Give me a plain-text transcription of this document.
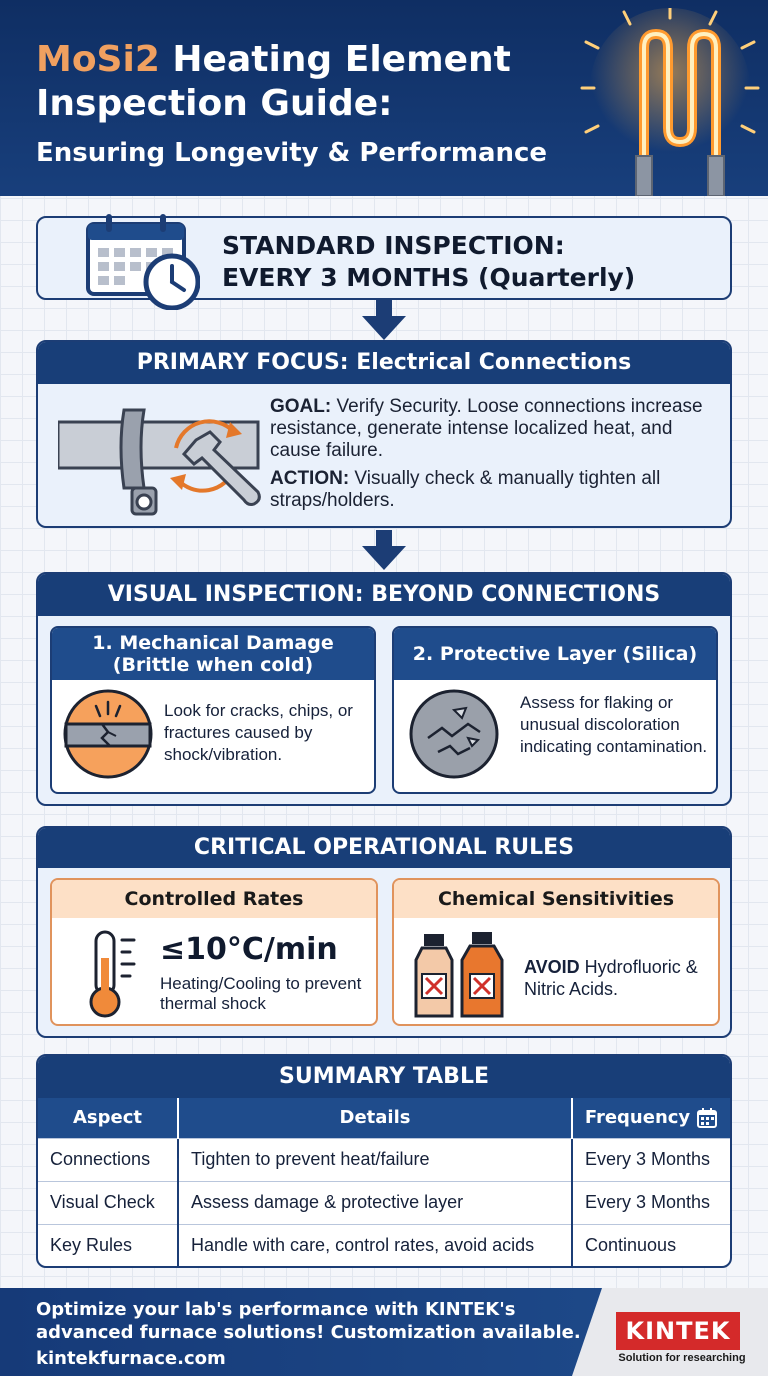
MoSi2 Heating Element Inspection Guide:
Ensuring Longevity & Performance
STANDARD INSPECTION:
EVERY 3 MONTHS (Quarterly)
PRIMARY FOCUS: Electrical Connections
GOAL: Verify Security. Loose connections increase resistance, generate intense localized heat, and cause failure.
ACTION: Visually check & manually tighten all straps/holders.
VISUAL INSPECTION: BEYOND CONNECTIONS
1. Mechanical Damage
(Brittle when cold)
Look for cracks, chips, or fractures caused by shock/vibration.
2. Protective Layer (Silica)
Assess for flaking or unusual discoloration indicating contamination.
CRITICAL OPERATIONAL RULES
Controlled Rates
≤10°C/min
Heating/Cooling to prevent thermal shock
Chemical Sensitivities
AVOID Hydrofluoric & Nitric Acids.
SUMMARY TABLE
Aspect	Details	Frequency
Connections	Tighten to prevent heat/failure	Every 3 Months
Visual Check	Assess damage & protective layer	Every 3 Months
Key Rules	Handle with care, control rates, avoid acids	Continuous
Optimize your lab's performance with KINTEK's advanced furnace solutions! Customization available.
kintekfurnace.com
KINTEK
Solution for researching
